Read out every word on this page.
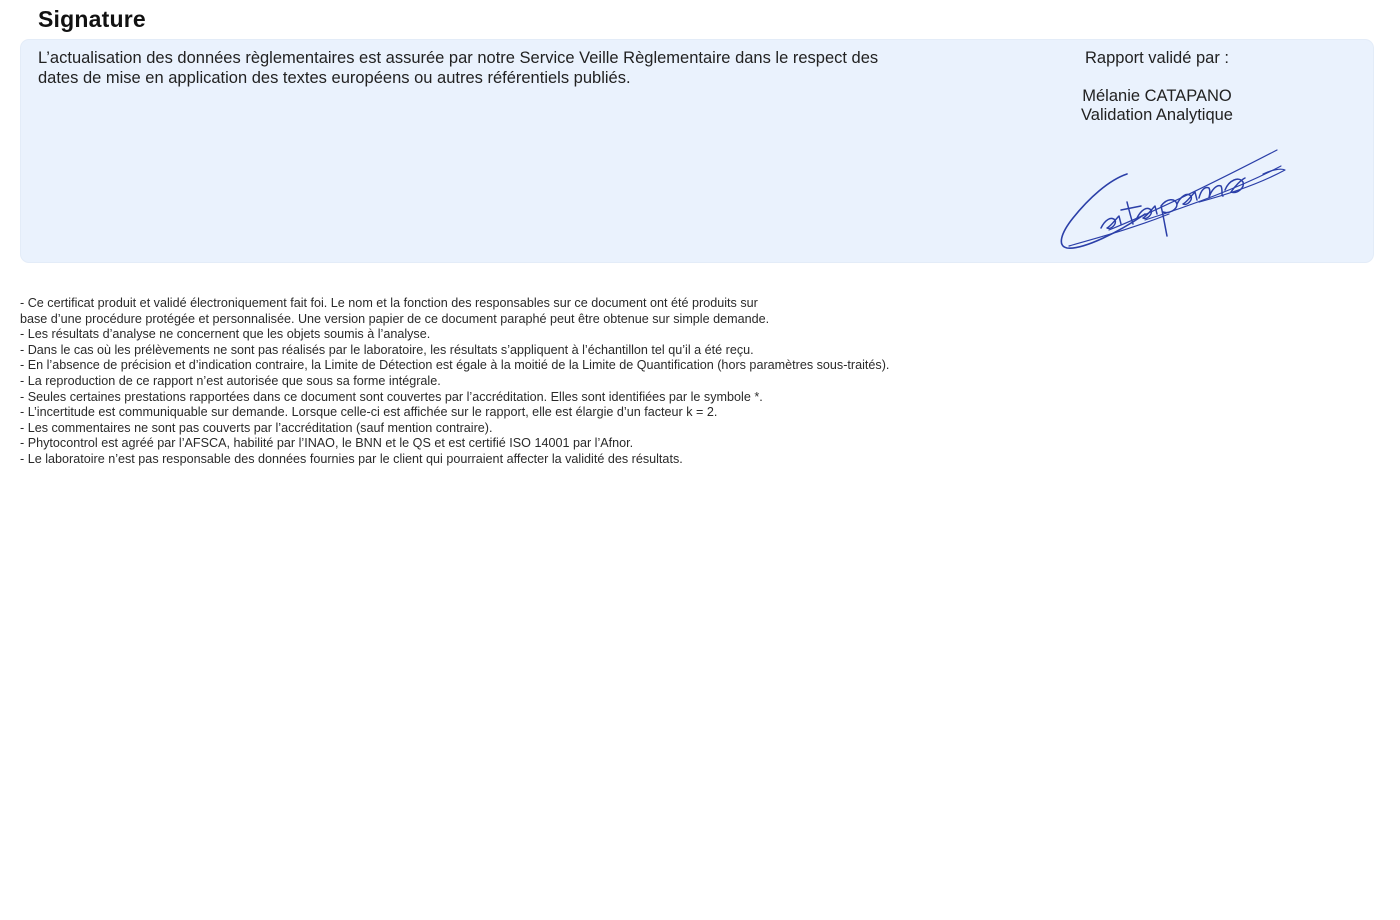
Signature

L’actualisation des données règlementaires est assurée par notre Service Veille Règlementaire dans le respect des
dates de mise en application des textes européens ou autres référentiels publiés.

Rapport validé par :
Mélanie CATAPANO
Validation Analytique
- Ce certificat produit et validé électroniquement fait foi. Le nom et la fonction des responsables sur ce document ont été produits sur
base d’une procédure protégée et personnalisée. Une version papier de ce document paraphé peut être obtenue sur simple demande.
- Les résultats d’analyse ne concernent que les objets soumis à l’analyse.
- Dans le cas où les prélèvements ne sont pas réalisés par le laboratoire, les résultats s’appliquent à l’échantillon tel qu’il a été reçu.
- En l’absence de précision et d’indication contraire, la Limite de Détection est égale à la moitié de la Limite de Quantification (hors paramètres sous-traités).
- La reproduction de ce rapport n’est autorisée que sous sa forme intégrale.
- Seules certaines prestations rapportées dans ce document sont couvertes par l’accréditation. Elles sont identifiées par le symbole *.
- L’incertitude est communiquable sur demande. Lorsque celle-ci est affichée sur le rapport, elle est élargie d’un facteur k = 2.
- Les commentaires ne sont pas couverts par l’accréditation (sauf mention contraire).
- Phytocontrol est agréé par l’AFSCA, habilité par l’INAO, le BNN et le QS et est certifié ISO 14001 par l’Afnor.
- Le laboratoire n’est pas responsable des données fournies par le client qui pourraient affecter la validité des résultats.
